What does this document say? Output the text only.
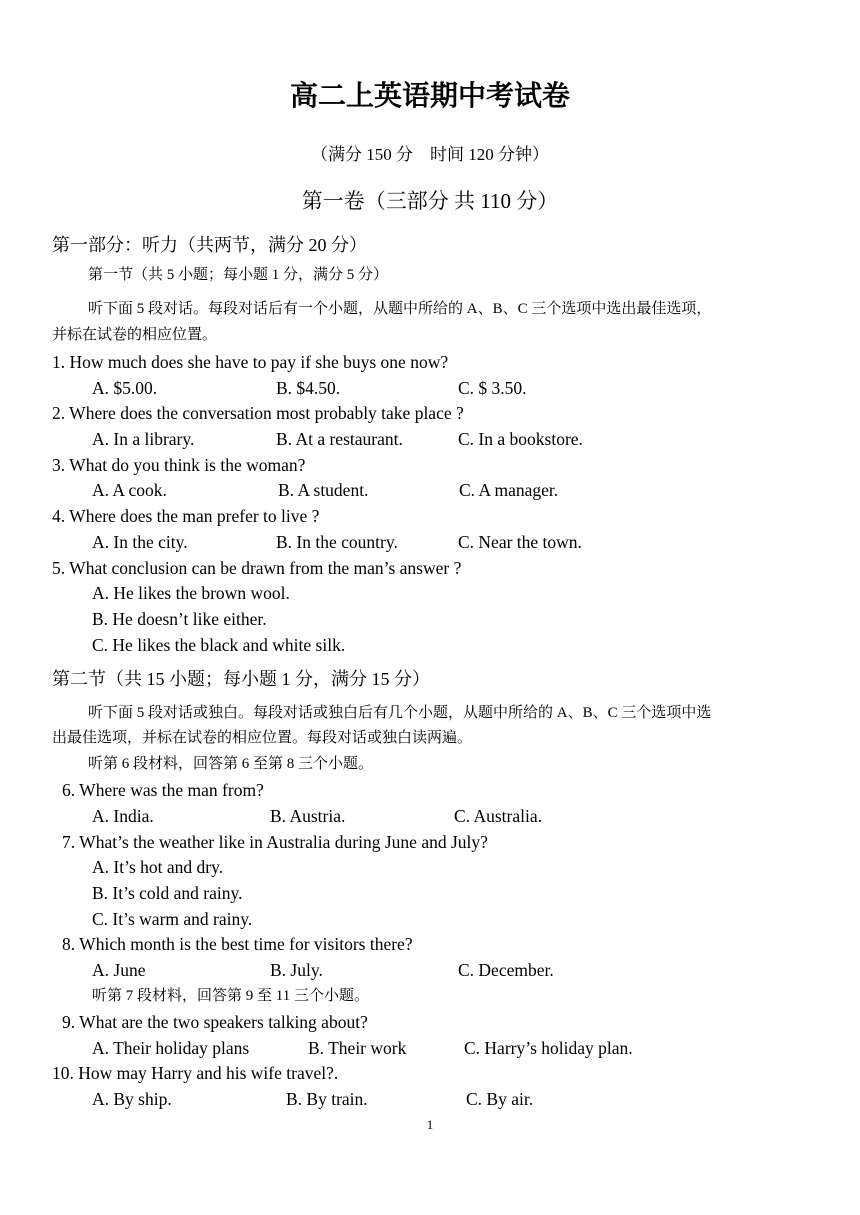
高二上英语期中考试卷
（满分 150 分　时间 120 分钟）
第一卷（三部分 共 110 分）
第一部分：听力（共两节，满分 20 分）
第一节（共 5 小题；每小题 1 分，满分 5 分）
听下面 5 段对话。每段对话后有一个小题，从题中所给的 A、B、C 三个选项中选出最佳选项，
并标在试卷的相应位置。
1. How much does she have to pay if she buys one now?
A. $5.00.	B. $4.50.	C. $ 3.50.
2. Where does the conversation most probably take place ?
A. In a library.	B. At a restaurant.	C. In a bookstore.
3. What do you think is the woman?
A. A cook.	B. A student.	C. A manager.
4. Where does the man prefer to live ?
A. In the city.	B. In the country.	C. Near the town.
5. What conclusion can be drawn from the man’s answer ?
A. He likes the brown wool.
B. He doesn’t like either.
C. He likes the black and white silk.
第二节（共 15 小题；每小题 1 分，满分 15 分）
听下面 5 段对话或独白。每段对话或独白后有几个小题，从题中所给的 A、B、C 三个选项中选
出最佳选项，并标在试卷的相应位置。每段对话或独白读两遍。
听第 6 段材料，回答第 6 至第 8 三个小题。
6. Where was the man from?
A. India.	B. Austria.	C. Australia.
7. What’s the weather like in Australia during June and July?
A. It’s hot and dry.
B. It’s cold and rainy.
C. It’s warm and rainy.
8. Which month is the best time for visitors there?
A. June	B. July.	C. December.
听第 7 段材料，回答第 9 至 11 三个小题。
9. What are the two speakers talking about?
A. Their holiday plans	B. Their work	C. Harry’s holiday plan.
10. How may Harry and his wife travel?.
A. By ship.	B. By train.	C. By air.
1
